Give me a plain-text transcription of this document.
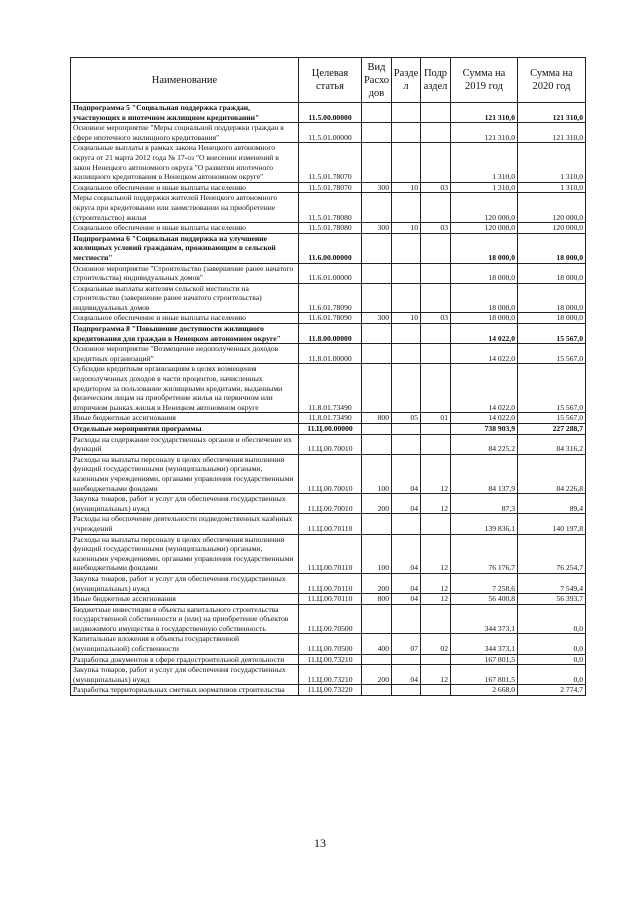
Наименование	Целевая статья	Вид Расхо дов	Разде л	Подр аздел	Сумма на 2019 год	Сумма на 2020 год
Подпрограмма 5 "Социальная поддержка граждан, участвующих в ипотечном жилищном кредитовании"	11.5.00.00000				121 310,0	121 310,0
Основное мероприятие "Меры социальной поддержки граждан в сфере ипотечного жилищного кредитования"	11.5.01.00000				121 310,0	121 310,0
Социальные выплаты в рамках закона Ненецкого автономного округа от 21 марта 2012 года № 17-оз "О внесении изменений в закон Ненецкого автономного округа "О развитии ипотечного жилищного кредитования в Ненецком автономном округе"	11.5.01.78070				1 310,0	1 310,0
Социальное обеспечение и иные выплаты населению	11.5.01.78070	300	10	03	1 310,0	1 310,0
Меры социальной поддержки жителей Ненецкого автономного округа при кредитовании или заимствовании на приобретение (строительство) жилья	11.5.01.78080				120 000,0	120 000,0
Социальное обеспечение и иные выплаты населению	11.5.01.78080	300	10	03	120 000,0	120 000,0
Подпрограмма 6 "Социальная поддержка на улучшение жилищных условий гражданам, проживающим в сельской местности"	11.6.00.00000				18 000,0	18 000,0
Основное мероприятие "Строительство (завершение ранее начатого строительства) индивидуальных домов"	11.6.01.00000				18 000,0	18 000,0
Социальные выплаты жителям сельской местности на строительство (завершение ранее начатого строительства) индивидуальных домов	11.6.01.78090				18 000,0	18 000,0
Социальное обеспечение и иные выплаты населению	11.6.01.78090	300	10	03	18 000,0	18 000,0
Подпрограмма 8 "Повышение доступности жилищного кредитования для граждан в Ненецком автономном округе"	11.8.00.00000				14 022,0	15 567,0
Основное мероприятие "Возмещение недополученных доходов кредитных организаций"	11.8.01.00000				14 022,0	15 567,0
Субсидии кредитным организациям в целях возмещения недополученных доходов в части процентов, начисленных кредитором за пользование жилищными кредитами, выданными физическим лицам на приобретение жилья на первичном или вторичном рынках жилья в Ненецком автономном округе	11.8.01.73490				14 022,0	15 567,0
Иные бюджетные ассигнования	11.8.01.73490	800	05	01	14 022,0	15 567,0
Отдельные мероприятия программы	11.Ц.00.00000				738 903,9	227 288,7
Расходы на содержание государственных органов и обеспечение их функций	11.Ц.00.70010				84 225,2	84 316,2
Расходы на выплаты персоналу в целях обеспечения выполнения функций государственными (муниципальными) органами, казенными учреждениями, органами управления государственными внебюджетными фондами	11.Ц.00.70010	100	04	12	84 137,9	84 226,8
Закупка товаров, работ и услуг для обеспечения государственных (муниципальных) нужд	11.Ц.00.70010	200	04	12	87,3	89,4
Расходы на обеспечение деятельности подведомственных казённых учреждений	11.Ц.00.70110				139 836,1	140 197,8
Расходы на выплаты персоналу в целях обеспечения выполнения функций государственными (муниципальными) органами, казенными учреждениями, органами управления государственными внебюджетными фондами	11.Ц.00.70110	100	04	12	76 176,7	76 254,7
Закупка товаров, работ и услуг для обеспечения государственных (муниципальных) нужд	11.Ц.00.70110	200	04	12	7 258,6	7 549,4
Иные бюджетные ассигнования	11.Ц.00.70110	800	04	12	56 400,8	56 393,7
Бюджетные инвестиции в объекты капитального строительства государственной собственности и (или) на приобретение объектов недвижимого имущества в государственную собственность	11.Ц.00.70500				344 373,1	0,0
Капитальные вложения в объекты государственной (муниципальной) собственности	11.Ц.00.70500	400	07	02	344 373,1	0,0
Разработка документов в сфере градостроительной деятельности	11.Ц.00.73210				167 801,5	0,0
Закупка товаров, работ и услуг для обеспечения государственных (муниципальных) нужд	11.Ц.00.73210	200	04	12	167 801,5	0,0
Разработка территориальных сметных нормативов строительства	11.Ц.00.73220				2 668,0	2 774,7
13
